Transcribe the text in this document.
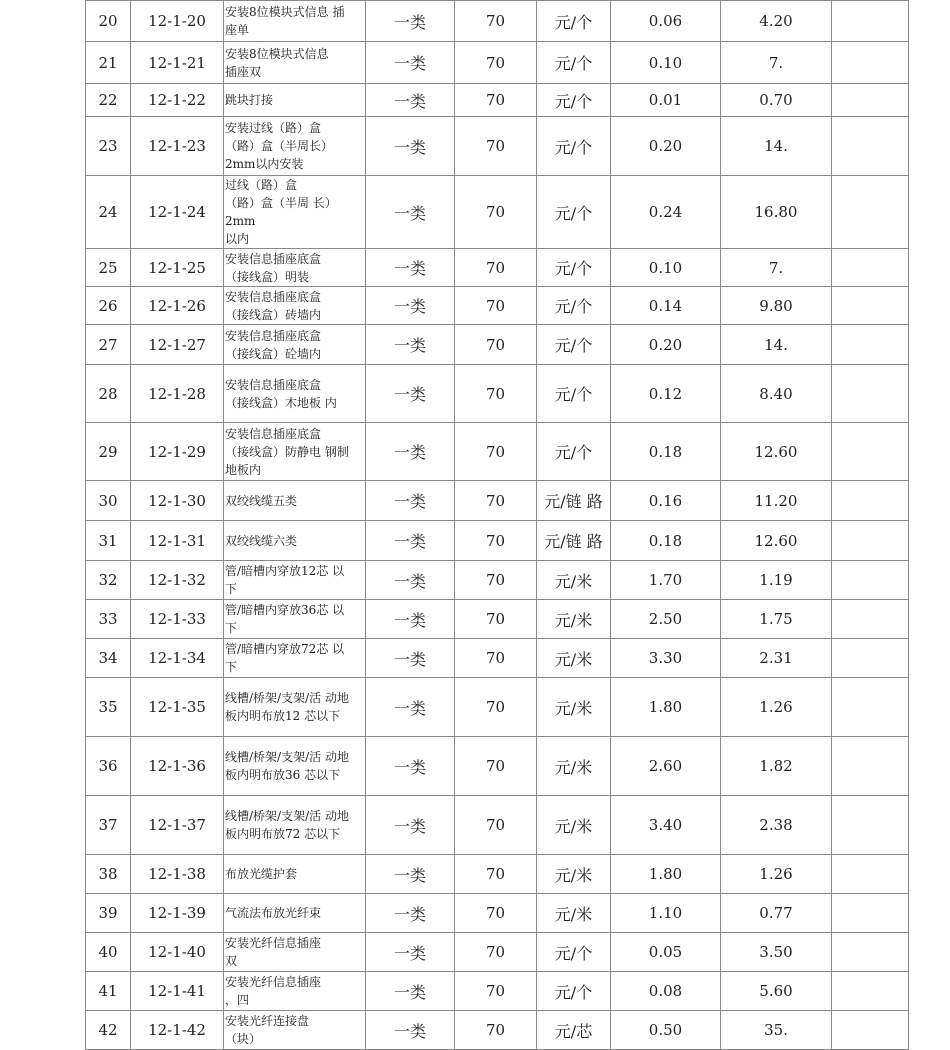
20	12-1-20	安装8位模块式信息 插
座单	一类	70	元/个	0.06	4.20	

21	12-1-21	安装8位模块式信息
插座双	一类	70	元/个	0.10	7.	

22	12-1-22	跳块打接	一类	70	元/个	0.01	0.70	

23	12-1-23	安装过线（路）盒
（路）盒（半周长）
2mm以内安装	一类	70	元/个	0.20	14.	

24	12-1-24	过线（路）盒
（路）盒（半周 长）2mm
以内	一类	70	元/个	0.24	16.80	

25	12-1-25	安装信息插座底盒
（接线盒）明装	一类	70	元/个	0.10	7.	

26	12-1-26	安装信息插座底盒
（接线盒）砖墙内	一类	70	元/个	0.14	9.80	

27	12-1-27	安装信息插座底盒
（接线盒）砼墙内	一类	70	元/个	0.20	14.	

28	12-1-28	安装信息插座底盒
（接线盒）木地板 内	一类	70	元/个	0.12	8.40	

29	12-1-29	安装信息插座底盒
（接线盒）防静电 钢制
地板内	一类	70	元/个	0.18	12.60	

30	12-1-30	双绞线缆五类	一类	70	元/链 路	0.16	11.20	

31	12-1-31	双绞线缆六类	一类	70	元/链 路	0.18	12.60	

32	12-1-32	管/暗槽内穿放12芯 以
下	一类	70	元/米	1.70	1.19	

33	12-1-33	管/暗槽内穿放36芯 以
下	一类	70	元/米	2.50	1.75	

34	12-1-34	管/暗槽内穿放72芯 以
下	一类	70	元/米	3.30	2.31	

35	12-1-35	线槽/桥架/支架/活 动地
板内明布放12 芯以下	一类	70	元/米	1.80	1.26	

36	12-1-36	线槽/桥架/支架/活 动地
板内明布放36 芯以下	一类	70	元/米	2.60	1.82	

37	12-1-37	线槽/桥架/支架/活 动地
板内明布放72 芯以下	一类	70	元/米	3.40	2.38	

38	12-1-38	布放光缆护套	一类	70	元/米	1.80	1.26	

39	12-1-39	气流法布放光纤束	一类	70	元/米	1.10	0.77	

40	12-1-40	安装光纤信息插座
双	一类	70	元/个	0.05	3.50	

41	12-1-41	安装光纤信息插座
，四	一类	70	元/个	0.08	5.60	

42	12-1-42	安装光纤连接盘
（块）	一类	70	元/芯	0.50	35.	
